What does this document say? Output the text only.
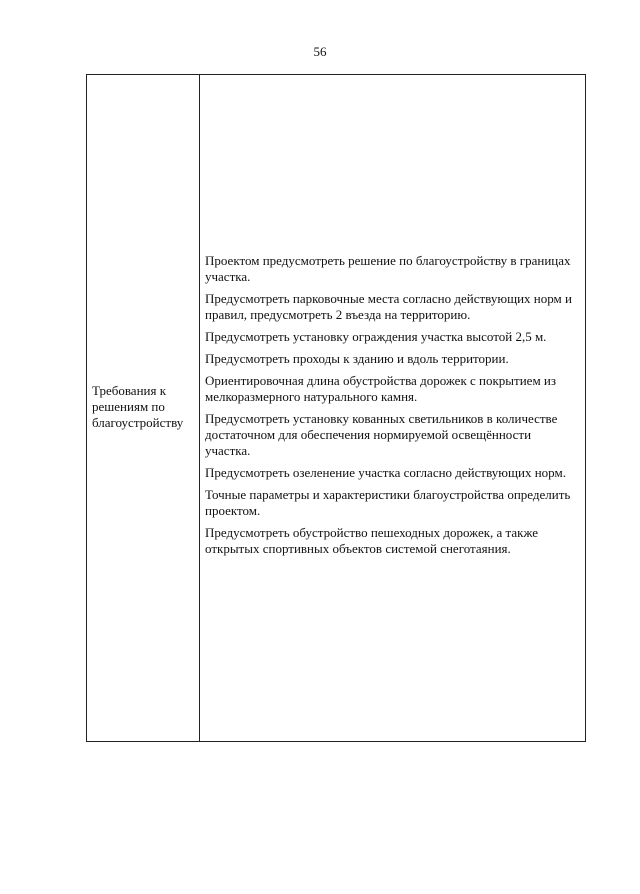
56
Требования к решениям по благоустройству
Проектом предусмотреть решение по благоустройству в границах участка.
Предусмотреть парковочные места согласно действующих норм и правил, предусмотреть 2 въезда на территорию.
Предусмотреть установку ограждения участка высотой 2,5 м.
Предусмотреть проходы к зданию и вдоль территории.
Ориентировочная длина обустройства дорожек с покрытием из мелкоразмерного натурального камня.
Предусмотреть установку кованных светильников в количестве достаточном для обеспечения нормируемой освещённости участка.
Предусмотреть озеленение участка согласно действующих норм.
Точные параметры и характеристики благоустройства определить проектом.
Предусмотреть обустройство пешеходных дорожек, а также открытых спортивных объектов системой снеготаяния.
